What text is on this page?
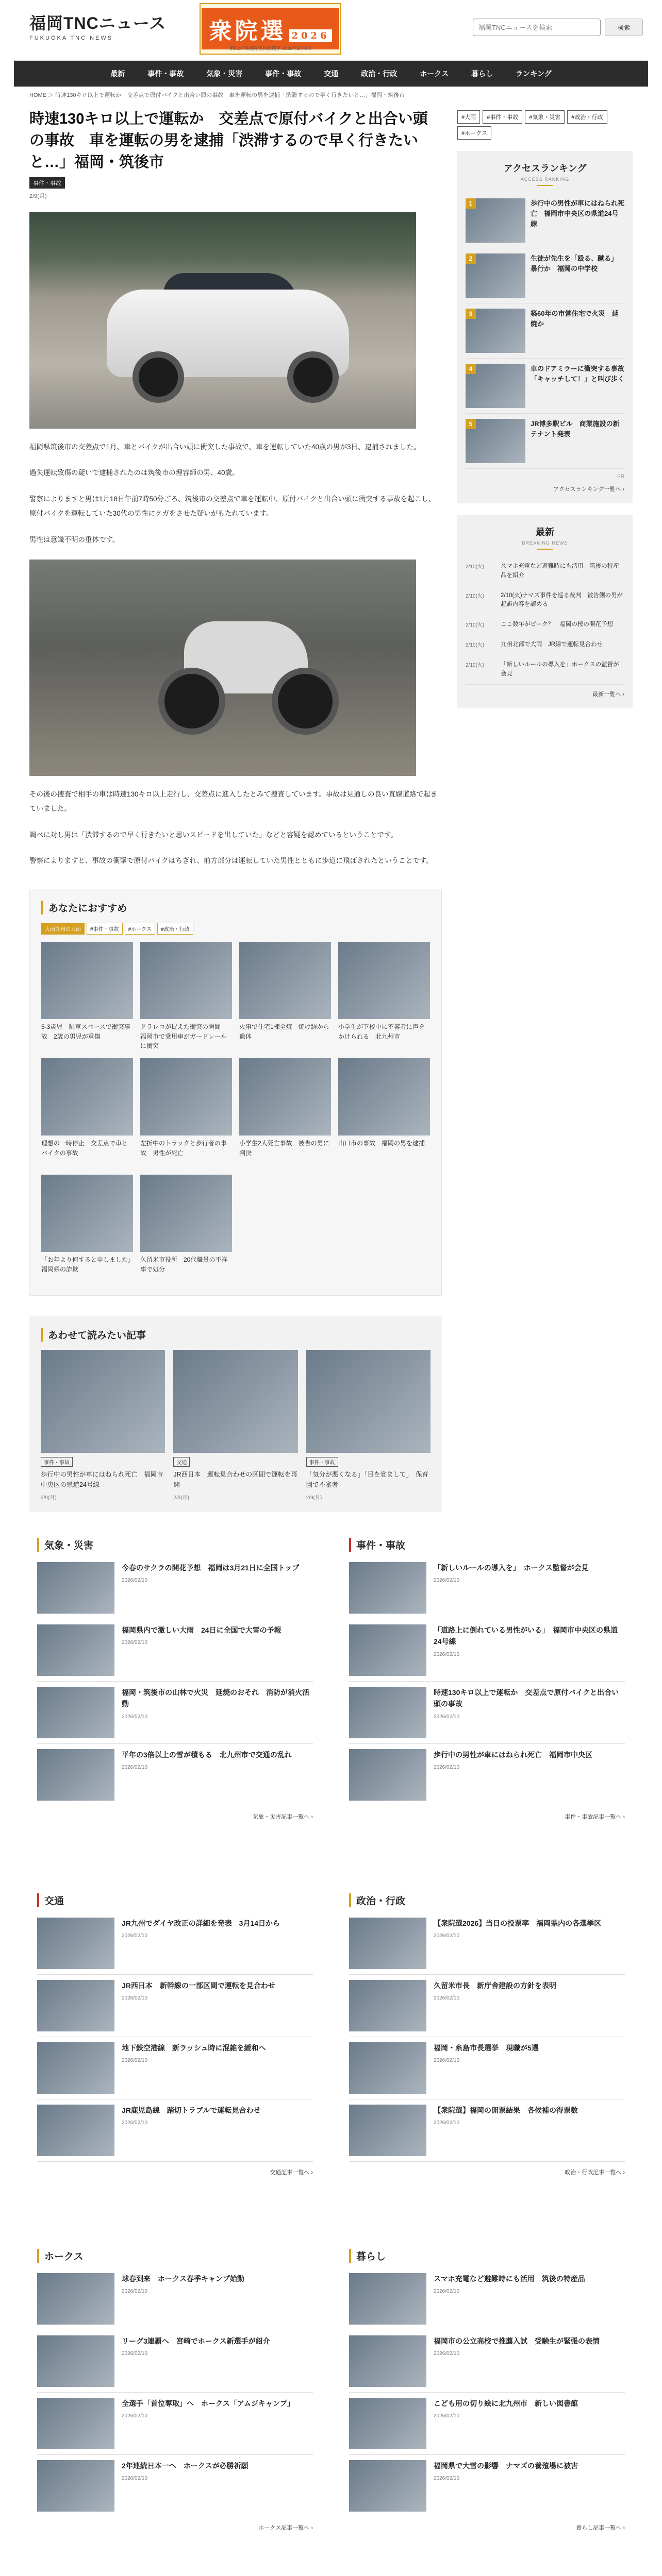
福岡TNCニュース
FUKUOKA TNC NEWS	衆院選 2026
第51回衆議院議員総選挙 2026年2月8日
福岡TNCニュースを検索
検索
最新	事件・事故	気象・災害	事件・事故	交通	政治・行政	ホークス	暮らし	ランキング
HOME ＞ 時速130キロ以上で運転か　交差点で原付バイクと出合い頭の事故　車を運転の男を逮捕「渋滞するので早く行きたいと…」福岡・筑後市
時速130キロ以上で運転か　交差点で原付バイクと出合い頭の事故　車を運転の男を逮捕「渋滞するので早く行きたいと…」福岡・筑後市
事件・事故
2/9(月)

福岡県筑後市の交差点で1月、車とバイクが出合い頭に衝突した事故で、車を運転していた40歳の男が3日、逮捕されました。

過失運転致傷の疑いで逮捕されたのは筑後市の理容師の男、40歳。

警察によりますと男は1月18日午前7時50分ごろ、筑後市の交差点で車を運転中、原付バイクと出合い頭に衝突する事故を起こし、原付バイクを運転していた30代の男性にケガをさせた疑いがもたれています。

男性は意識不明の重体です。

その後の捜査で相手の車は時速130キロ以上走行し、交差点に進入したとみて捜査しています。事故は見通しの良い直線道路で起きていました。

調べに対し男は「渋滞するので早く行きたいと思いスピードを出していた」などと容疑を認めているということです。

警察によりますと、事故の衝撃で原付バイクはちぎれ、前方部分は運転していた男性とともに歩道に飛ばされたということです。

#大雨	#事件・事故	#気象・災害	#政治・行政
#ホークス
アクセスランキング
ACCESS RANKING
1	歩行中の男性が車にはねられ死亡　福岡市中央区の県道24号線
2	生徒が先生を「殴る、蹴る」　暴行か　福岡の中学校
3	築60年の市営住宅で火災　延焼か
4	車のドアミラーに衝突する事故　「キャッチして！」と叫び歩く
5	JR博多駅ビル　商業施設の新テナント発表
PR
アクセスランキング一覧へ ›
最新
BREAKING NEWS
2/10(火)	スマホ充電など避難時にも活用　筑後の特産品を紹介
2/10(火)	2/10(火)ナマズ事件を巡る裁判　被告側の男が起訴内容を認める
2/10(火)	ここ数年がピーク？　福岡の桜の開花予想
2/10(火)	九州北部で大雨　JR線で運転見合わせ
2/10(火)	「新しいルールの導入を」ホークスの監督が会見
最新一覧へ ›
あなたにおすすめ
大雨九州の大雨	#事件・事故	#ホークス	#政治・行政
5-3歳児　駐車スペースで衝突事故　2歳の男児が重傷
ドラレコが捉えた衝突の瞬間　福岡市で乗用車がガードレールに衝突
火事で住宅1棟全焼　焼け跡から遺体
小学生が下校中に不審者に声をかけられる　北九州市
理想の一時停止　交差点で車とバイクの事故
左折中のトラックと歩行者の事故　男性が死亡
小学生2人死亡事故　被告の男に判決
山口市の事故　福岡の男を逮捕
「お年より何すると申しました」　福岡県の詐欺
久留米市役所　20代職員の不祥事で処分
あわせて読みたい記事
事件・事故
歩行中の男性が車にはねられ死亡　福岡市中央区の県道24号線
2/9(月)
交通
JR西日本　運転見合わせの区間で運転を再開
2/9(月)
事件・事故
「気分が悪くなる」「目を覚まして」　保育園で不審者
2/9(月)
気象・災害
今春のサクラの開花予想　福岡は3月21日に全国トップ
2026/02/10
福岡県内で激しい大雨　24日に全国で大雪の予報
2026/02/10
福岡・筑後市の山林で火災　延焼のおそれ　消防が消火活動
2026/02/10
平年の3倍以上の雪が積もる　北九州市で交通の乱れ
2026/02/10
気象・災害記事一覧へ ›
事件・事故
「新しいルールの導入を」　ホークス監督が会見
2026/02/10
「道路上に倒れている男性がいる」　福岡市中央区の県道24号線
2026/02/10
時速130キロ以上で運転か　交差点で原付バイクと出合い頭の事故
2026/02/10
歩行中の男性が車にはねられ死亡　福岡市中央区
2026/02/10
事件・事故記事一覧へ ›
交通
JR九州でダイヤ改正の詳細を発表　3月14日から
2026/02/10
JR西日本　新幹線の一部区間で運転を見合わせ
2026/02/10
地下鉄空港線　新ラッシュ時に混雑を緩和へ
2026/02/10
JR鹿児島線　踏切トラブルで運転見合わせ
2026/02/10
交通記事一覧へ ›
政治・行政
【衆院選2026】当日の投票率　福岡県内の各選挙区
2026/02/10
久留米市長　新庁舎建設の方針を表明
2026/02/10
福岡・糸島市長選挙　現職が5選
2026/02/10
【衆院選】福岡の開票結果　各候補の得票数
2026/02/10
政治・行政記事一覧へ ›
ホークス
球春到来　ホークス春季キャンプ始動
2026/02/10
リーグ3連覇へ　宮崎でホークス新選手が紹介
2026/02/10
全選手「首位奪取」へ　ホークス「アムジキャンプ」
2026/02/10
2年連続日本一へ　ホークスが必勝祈願
2026/02/10
ホークス記事一覧へ ›
暮らし
スマホ充電など避難時にも活用　筑後の特産品
2026/02/10
福岡市の公立高校で推薦入試　受験生が緊張の表情
2026/02/10
こども用の切り絵に北九州市　新しい図書館
2026/02/10
福岡県で大雪の影響　ナマズの養殖場に被害
2026/02/10
暮らし記事一覧へ ›
